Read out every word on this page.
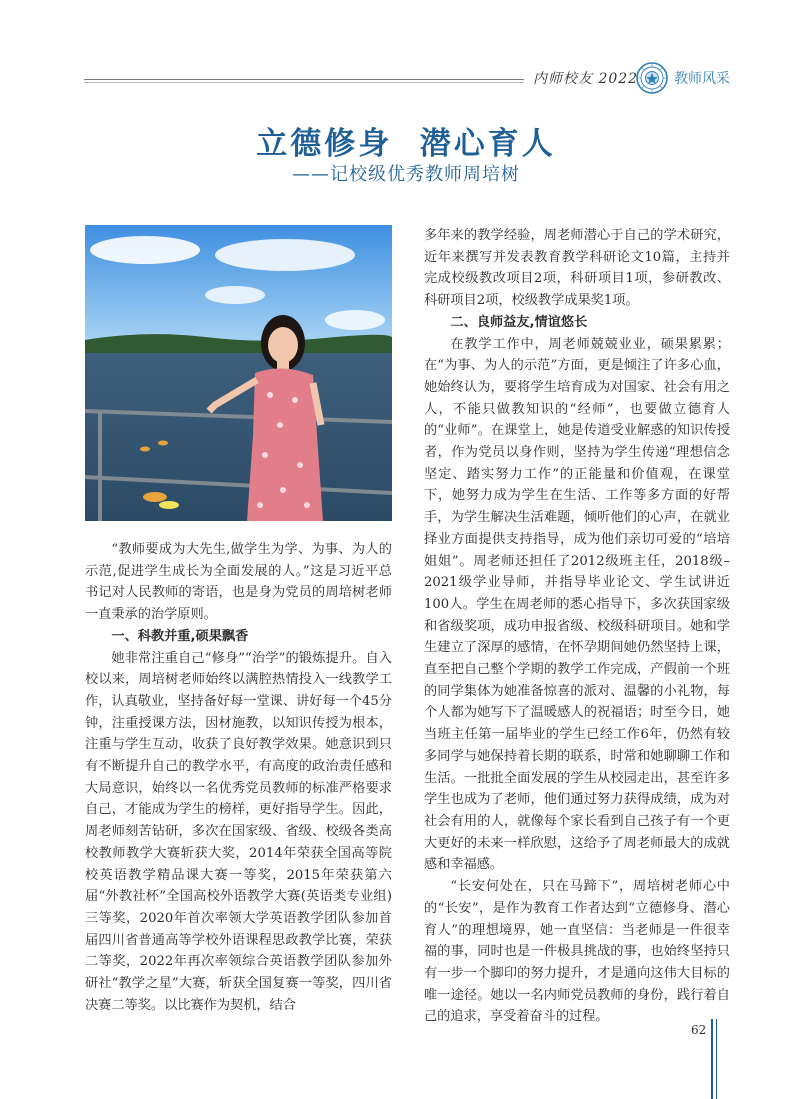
内师校友 2022	教师风采
立德修身  潜心育人
——记校级优秀教师周培树

“教师要成为大先生,做学生为学、为事、为人的示范,促进学生成长为全面发展的人。”这是习近平总书记对人民教师的寄语，也是身为党员的周培树老师一直秉承的治学原则。

一、科教并重,硕果飘香

她非常注重自己“修身”“治学”的锻炼提升。自入校以来，周培树老师始终以满腔热情投入一线教学工作，认真敬业，坚持备好每一堂课、讲好每一个45分钟，注重授课方法，因材施教，以知识传授为根本，注重与学生互动，收获了良好教学效果。她意识到只有不断提升自己的教学水平，有高度的政治责任感和大局意识，始终以一名优秀党员教师的标准严格要求自己，才能成为学生的榜样，更好指导学生。因此，周老师刻苦钻研，多次在国家级、省级、校级各类高校教师教学大赛斩获大奖，2014年荣获全国高等院校英语教学精品课大赛一等奖，2015年荣获第六届“外教社杯”全国高校外语教学大赛(英语类专业组)三等奖，2020年首次率领大学英语教学团队参加首届四川省普通高等学校外语课程思政教学比赛，荣获二等奖，2022年再次率领综合英语教学团队参加外研社“教学之星”大赛，斩获全国复赛一等奖，四川省决赛二等奖。以比赛作为契机，结合

多年来的教学经验，周老师潜心于自己的学术研究，近年来撰写并发表教育教学科研论文10篇，主持并完成校级教改项目2项，科研项目1项，参研教改、科研项目2项，校级教学成果奖1项。

二、良师益友,情谊悠长

在教学工作中，周老师兢兢业业，硕果累累；在“为事、为人的示范”方面，更是倾注了许多心血，她始终认为，要将学生培育成为对国家、社会有用之人，不能只做教知识的“经师”，也要做立德育人的“业师”。在课堂上，她是传道受业解惑的知识传授者，作为党员以身作则，坚持为学生传递“理想信念坚定、踏实努力工作”的正能量和价值观，在课堂下，她努力成为学生在生活、工作等多方面的好帮手，为学生解决生活难题，倾听他们的心声，在就业择业方面提供支持指导，成为他们亲切可爱的“培培姐姐”。周老师还担任了2012级班主任，2018级–2021级学业导师，并指导毕业论文、学生试讲近100人。学生在周老师的悉心指导下，多次获国家级和省级奖项，成功申报省级、校级科研项目。她和学生建立了深厚的感情，在怀孕期间她仍然坚持上课，直至把自己整个学期的教学工作完成，产假前一个班的同学集体为她准备惊喜的派对、温馨的小礼物，每个人都为她写下了温暖感人的祝福语；时至今日，她当班主任第一届毕业的学生已经工作6年，仍然有较多同学与她保持着长期的联系，时常和她聊聊工作和生活。一批批全面发展的学生从校园走出，甚至许多学生也成为了老师，他们通过努力获得成绩，成为对社会有用的人，就像每个家长看到自己孩子有一个更大更好的未来一样欣慰，这给予了周老师最大的成就感和幸福感。

“长安何处在，只在马蹄下”，周培树老师心中的“长安”，是作为教育工作者达到“立德修身、潜心育人”的理想境界，她一直坚信：当老师是一件很幸福的事，同时也是一件极具挑战的事，也始终坚持只有一步一个脚印的努力提升，才是通向这伟大目标的唯一途径。她以一名内师党员教师的身份，践行着自己的追求，享受着奋斗的过程。

62
